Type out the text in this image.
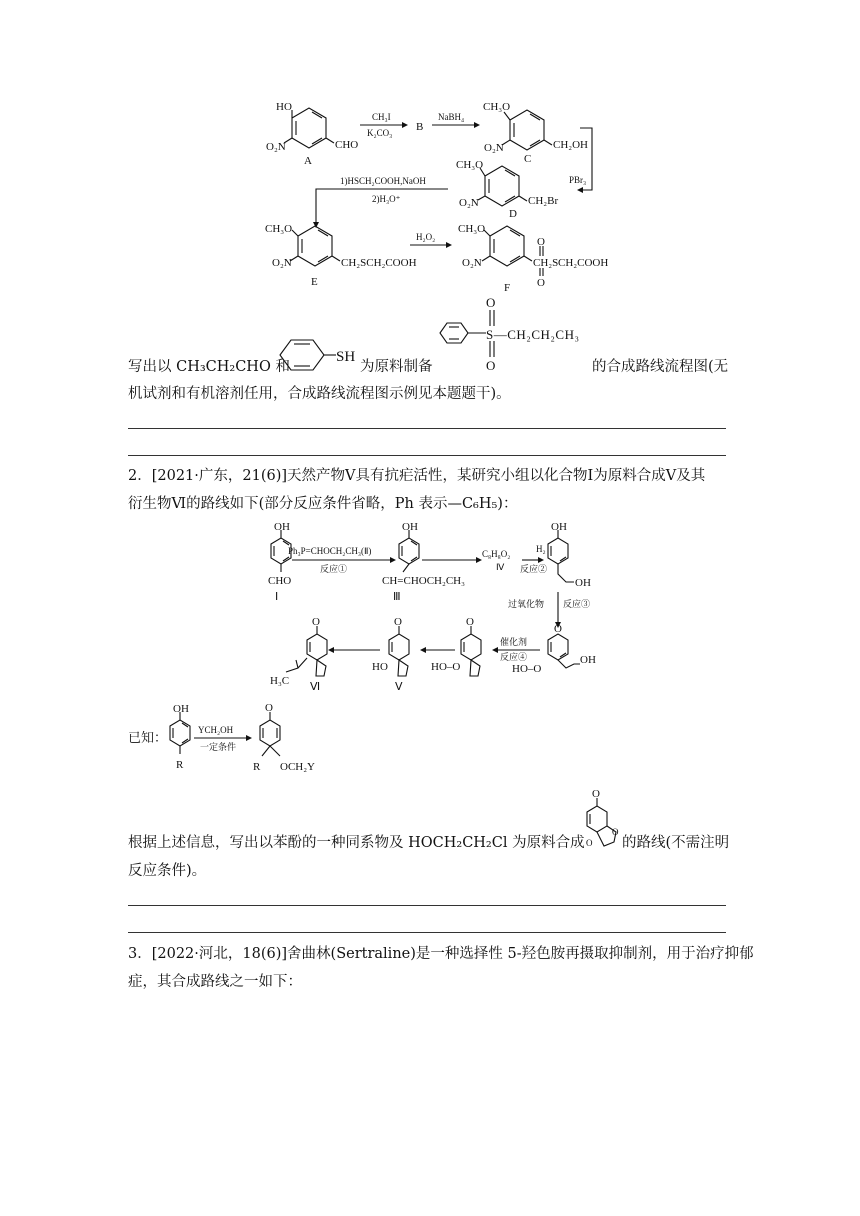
HO
O₂N	CHO
A
CH₃I
K₂CO₃ B
NaBH₄
CH₃O
O₂N	CH₂OH
C
PBr₃
CH₃O
O₂N	CH₂Br
D
1)HSCH₂COOH,NaOH
2)H₃O⁺
CH₃O
O₂N	CH₂SCH₂COOH
E
H₂O₂
CH₃O
O₂N	CH₂S CH₂COOH
O
O
F
SH
O
S—CH₂CH₂CH₃
O
写出以 CH₃CH₂CHO 和	为原料制备	的合成路线流程图(无
机试剂和有机溶剂任用，合成路线流程图示例见本题题干)。
2．[2021·广东，21(6)]天然产物Ⅴ具有抗疟活性，某研究小组以化合物Ⅰ为原料合成Ⅴ及其
衍生物Ⅵ的路线如下(部分反应条件省略，Ph 表示—C₆H₅)：
OH
CHO
Ⅰ
Ph₃P=CHOCH₂CH₃(Ⅱ)
反应①
OH
CH=CHOCH₂CH₃
Ⅲ
C₈H₈O₂
Ⅳ
H₂
反应②
OH
OH
过氧化物 反应③
O
OH
HO–O
催化剂
反应④
O
HO–O
O
HO
Ⅴ
O
H₃C Ⅵ
已知：
OH
R
YCH₂OH
一定条件
O
R OCH₂Y
O
O
O
根据上述信息，写出以苯酚的一种同系物及 HOCH₂CH₂Cl 为原料合成	的路线(不需注明
反应条件)。
3．[2022·河北，18(6)]舍曲林(Sertraline)是一种选择性 5-羟色胺再摄取抑制剂，用于治疗抑郁
症，其合成路线之一如下：
